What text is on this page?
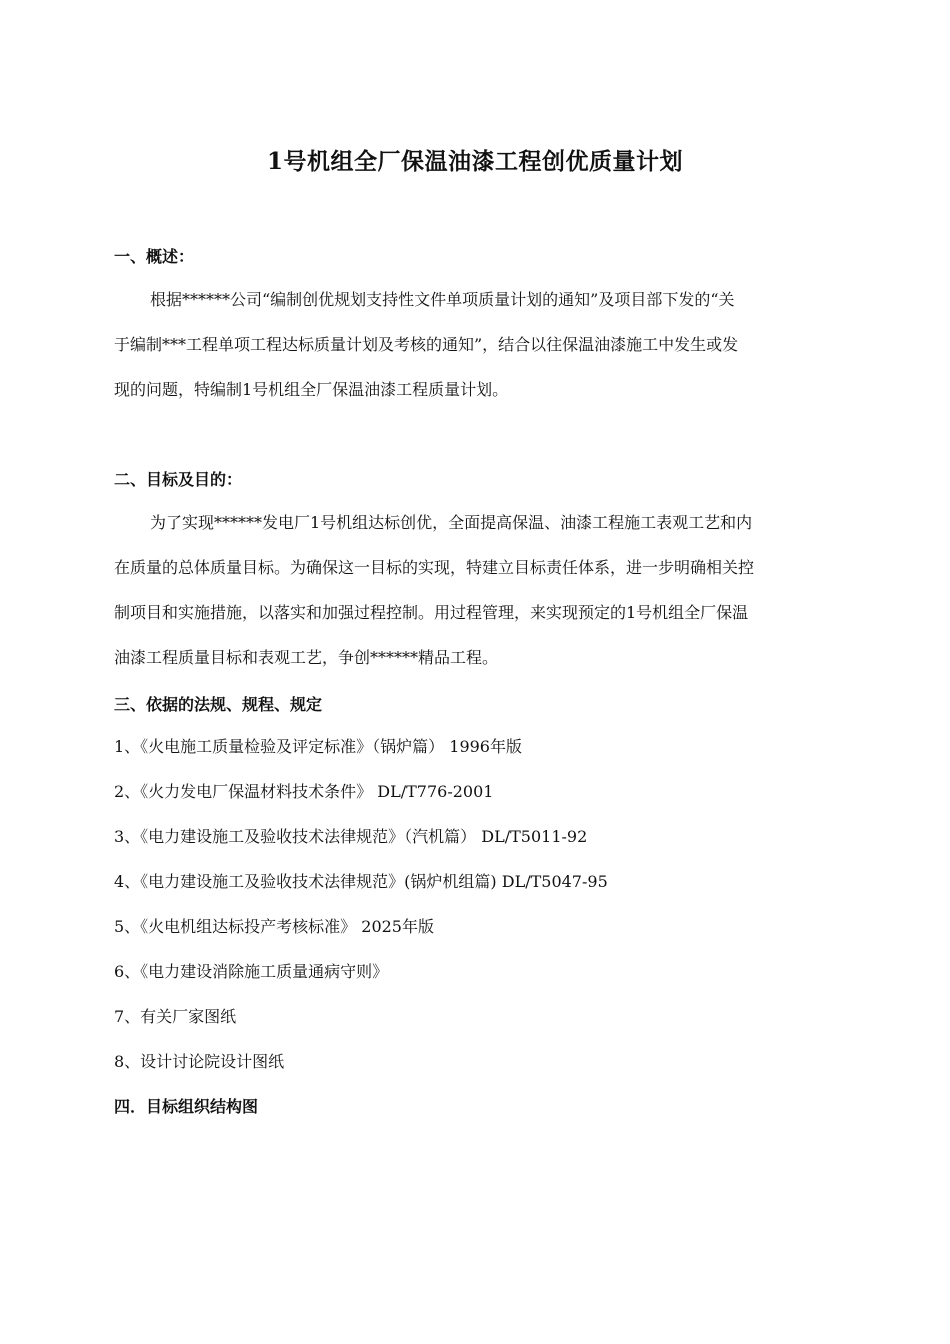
1号机组全厂保温油漆工程创优质量计划
一、概述：
根据******公司“编制创优规划支持性文件单项质量计划的通知”及项目部下发的“关
于编制***工程单项工程达标质量计划及考核的通知”，结合以往保温油漆施工中发生或发
现的问题，特编制1号机组全厂保温油漆工程质量计划。
二、目标及目的：
为了实现******发电厂1号机组达标创优，全面提高保温、油漆工程施工表观工艺和内
在质量的总体质量目标。为确保这一目标的实现，特建立目标责任体系，进一步明确相关控
制项目和实施措施，以落实和加强过程控制。用过程管理，来实现预定的1号机组全厂保温
油漆工程质量目标和表观工艺，争创******精品工程。
三、依据的法规、规程、规定
1、《火电施工质量检验及评定标准》（锅炉篇） 1996年版
2、《火力发电厂保温材料技术条件》 DL/T776-2001
3、《电力建设施工及验收技术法律规范》（汽机篇） DL/T5011-92
4、《电力建设施工及验收技术法律规范》(锅炉机组篇) DL/T5047-95
5、《火电机组达标投产考核标准》 2025年版
6、《电力建设消除施工质量通病守则》
7、有关厂家图纸
8、设计讨论院设计图纸
四．目标组织结构图
